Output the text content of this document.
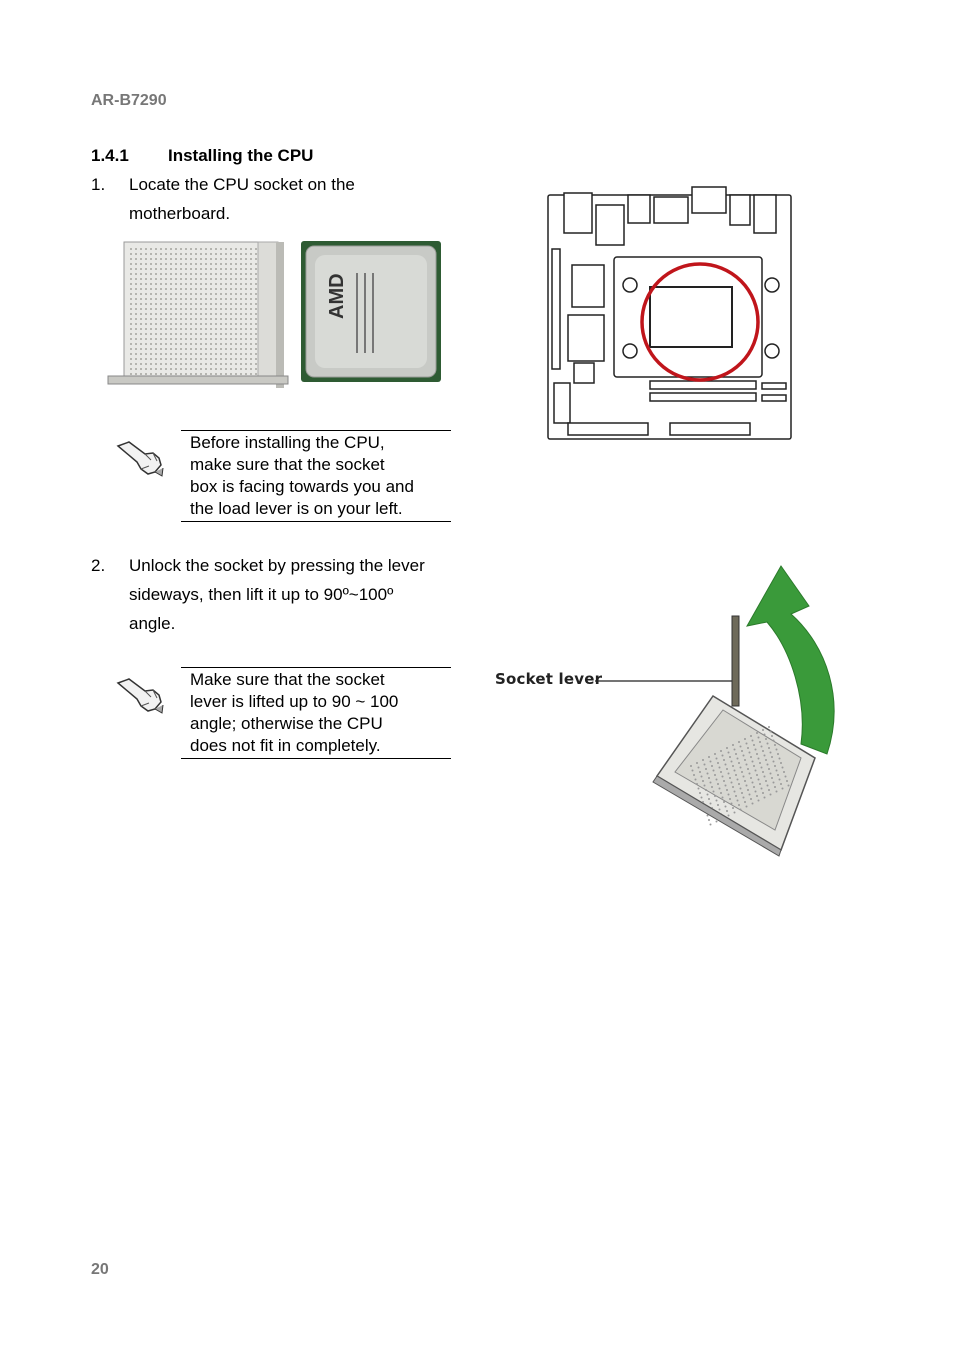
AR-B7290
1.4.1 Installing the CPU
1. Locate the CPU socket on the
motherboard.
AMD
Before installing the CPU,
make sure that the socket
box is facing towards you and
the load lever is on your left.
2. Unlock the socket by pressing the lever
sideways, then lift it up to 90º~100º
angle.
Make sure that the socket
lever is lifted up to 90 ~ 100
angle; otherwise the CPU
does not fit in completely.
Socket lever
20
